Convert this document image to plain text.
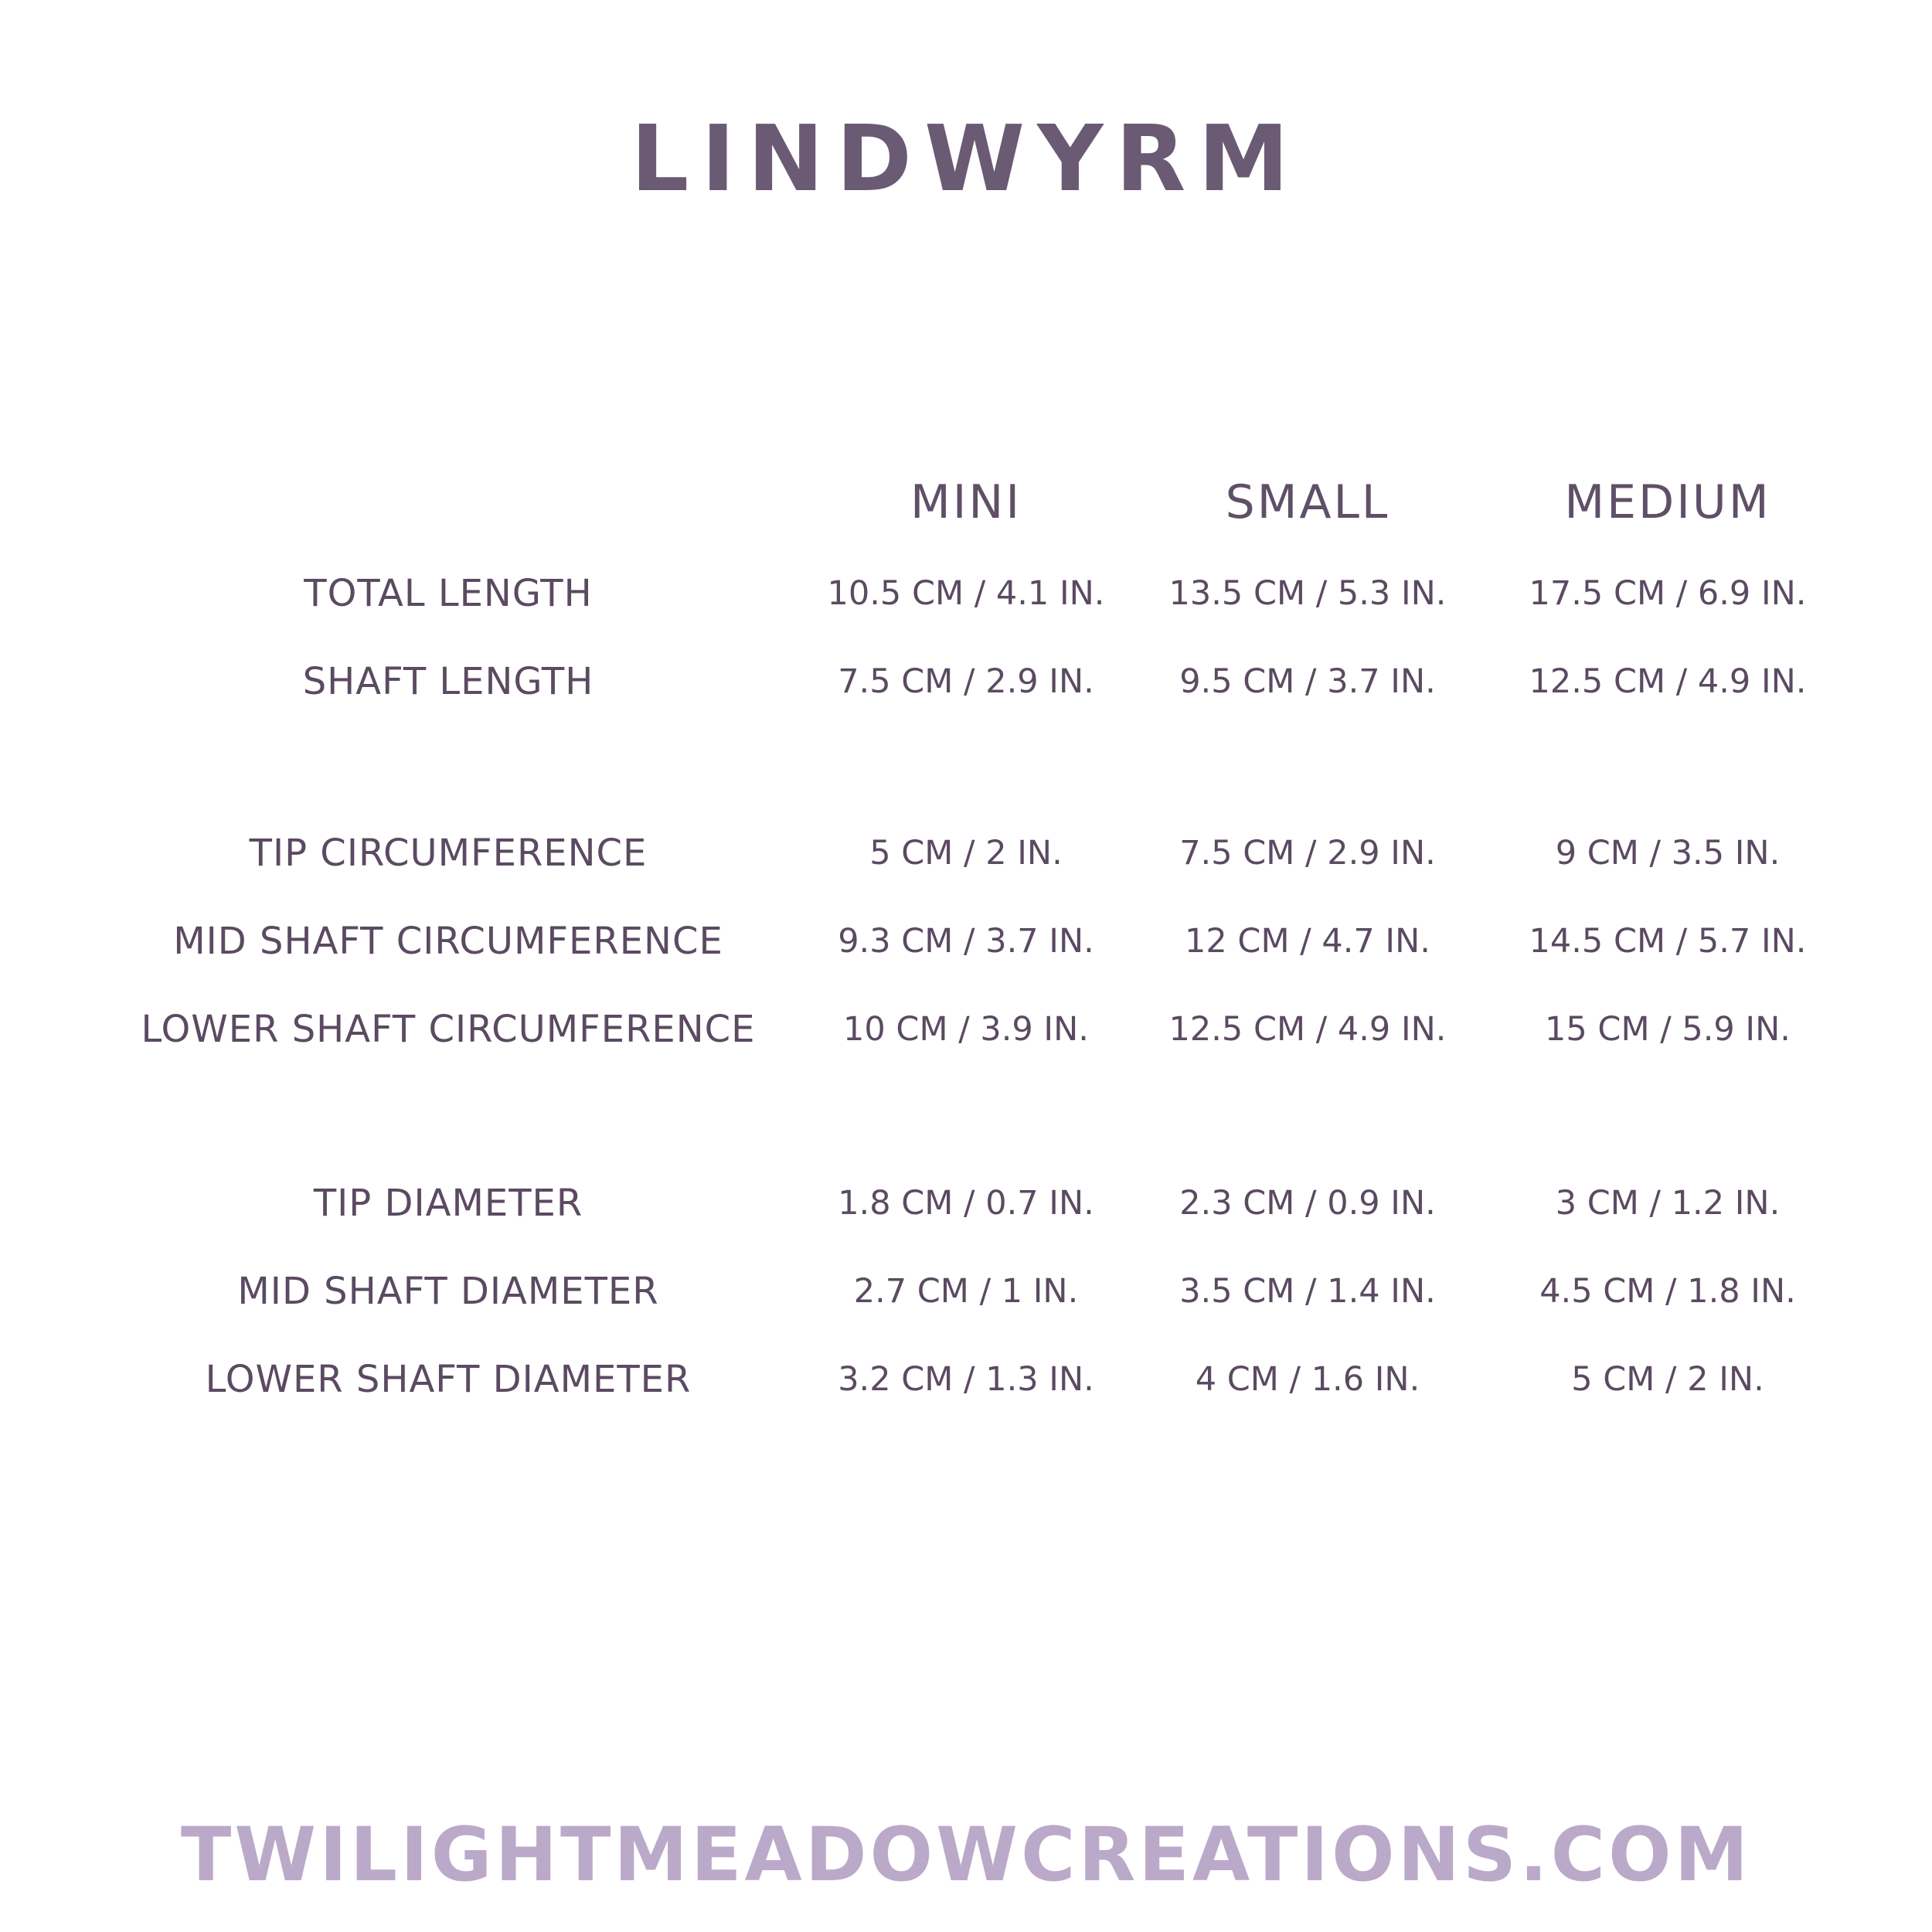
LINDWYRM
MINI	SMALL	MEDIUM
TOTAL LENGTH	10.5 CM / 4.1 IN.	13.5 CM / 5.3 IN.	17.5 CM / 6.9 IN.
SHAFT LENGTH	7.5 CM / 2.9 IN.	9.5 CM / 3.7 IN.	12.5 CM / 4.9 IN.
TIP CIRCUMFERENCE	5 CM / 2 IN.	7.5 CM / 2.9 IN.	9 CM / 3.5 IN.
MID SHAFT CIRCUMFERENCE	9.3 CM / 3.7 IN.	12 CM / 4.7 IN.	14.5 CM / 5.7 IN.
LOWER SHAFT CIRCUMFERENCE	10 CM / 3.9 IN.	12.5 CM / 4.9 IN.	15 CM / 5.9 IN.
TIP DIAMETER	1.8 CM / 0.7 IN.	2.3 CM / 0.9 IN.	3 CM / 1.2 IN.
MID SHAFT DIAMETER	2.7 CM / 1 IN.	3.5 CM / 1.4 IN.	4.5 CM / 1.8 IN.
LOWER SHAFT DIAMETER	3.2 CM / 1.3 IN.	4 CM / 1.6 IN.	5 CM / 2 IN.
TWILIGHTMEADOWCREATIONS.COM
